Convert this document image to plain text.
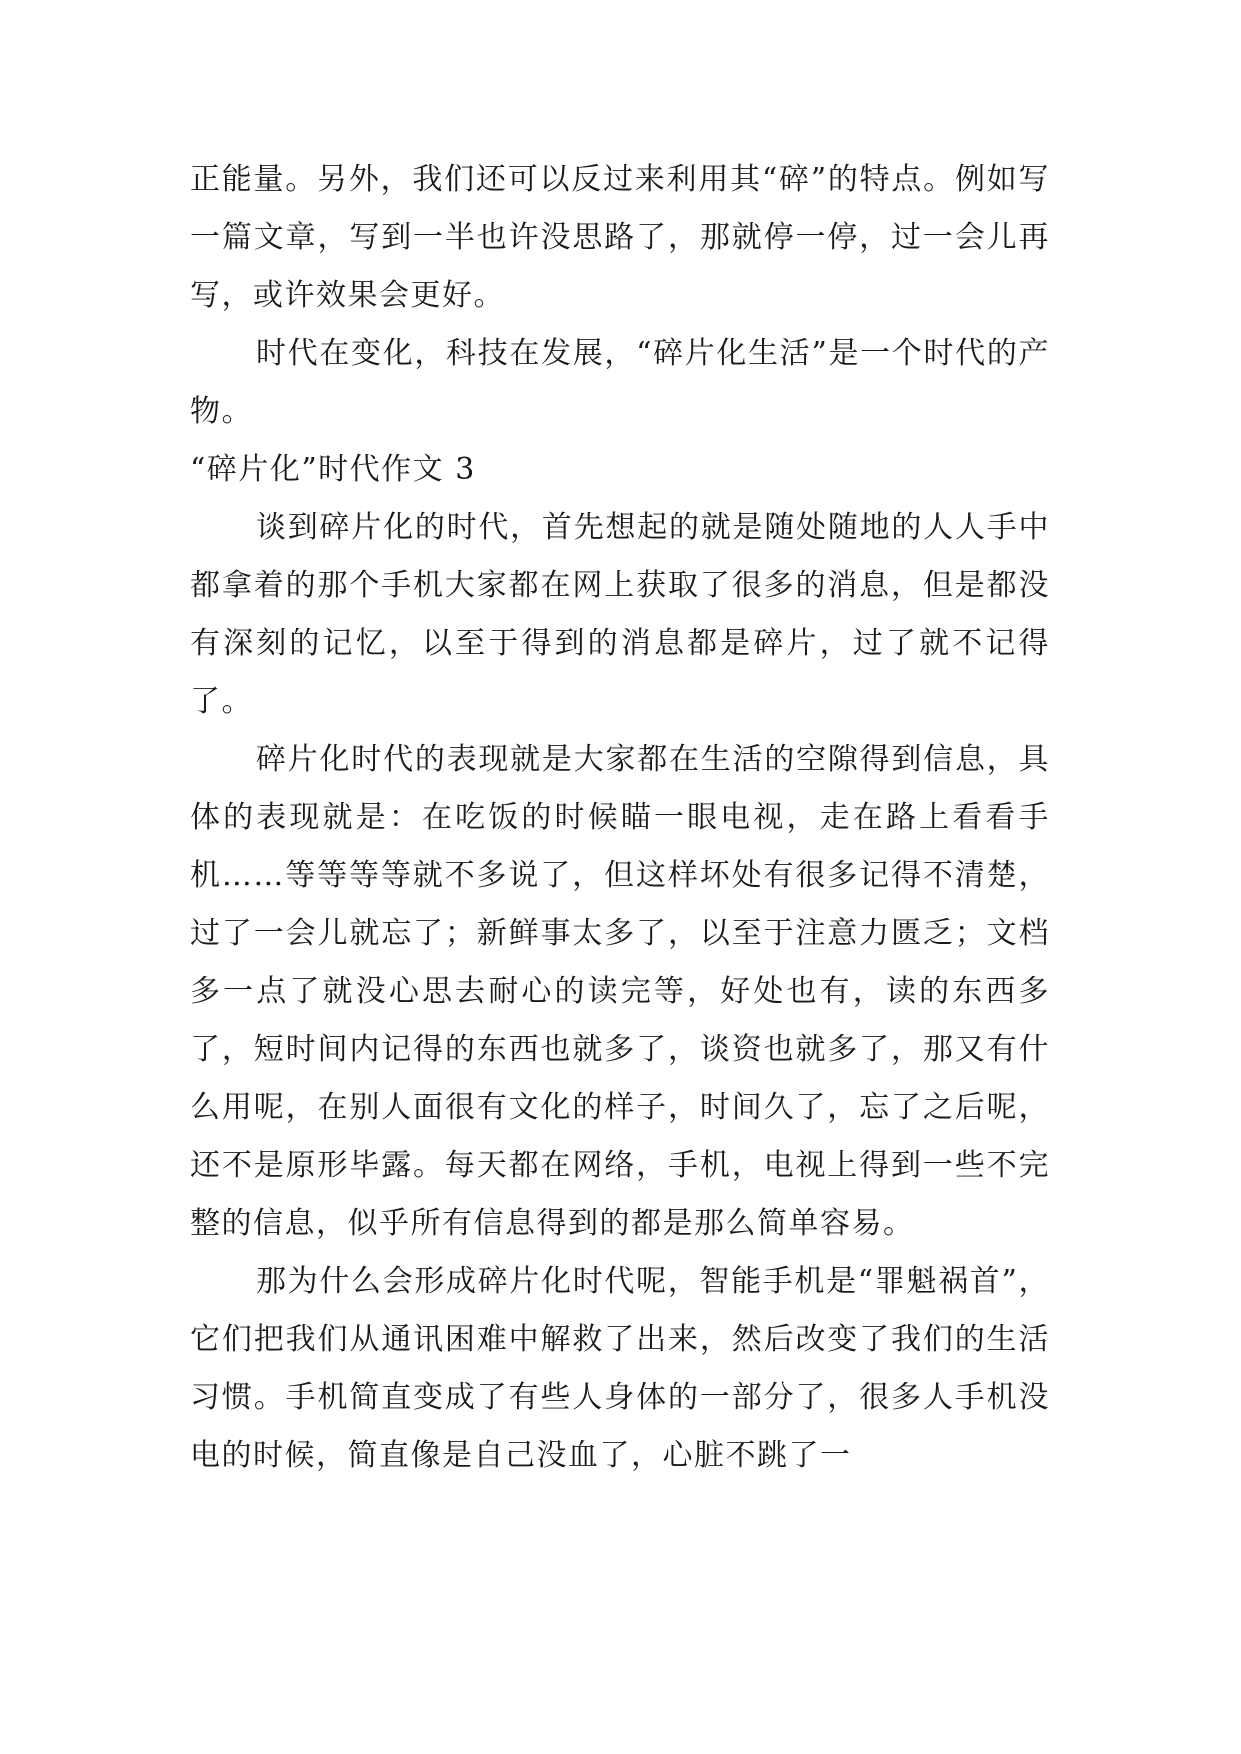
正能量。另外，我们还可以反过来利用其“碎”的特点。例如写一篇文章，写到一半也许没思路了，那就停一停，过一会儿再写，或许效果会更好。

时代在变化，科技在发展，“碎片化生活”是一个时代的产物。

“碎片化”时代作文 3

谈到碎片化的时代，首先想起的就是随处随地的人人手中都拿着的那个手机大家都在网上获取了很多的消息，但是都没有深刻的记忆，以至于得到的消息都是碎片，过了就不记得了。

碎片化时代的表现就是大家都在生活的空隙得到信息，具体的表现就是：在吃饭的时候瞄一眼电视，走在路上看看手机……等等等等就不多说了，但这样坏处有很多记得不清楚，过了一会儿就忘了；新鲜事太多了，以至于注意力匮乏；文档多一点了就没心思去耐心的读完等，好处也有，读的东西多了，短时间内记得的东西也就多了，谈资也就多了，那又有什么用呢，在别人面很有文化的样子，时间久了，忘了之后呢，还不是原形毕露。每天都在网络，手机，电视上得到一些不完整的信息，似乎所有信息得到的都是那么简单容易。

那为什么会形成碎片化时代呢，智能手机是“罪魁祸首”，它们把我们从通讯困难中解救了出来，然后改变了我们的生活习惯。手机简直变成了有些人身体的一部分了，很多人手机没电的时候，简直像是自己没血了，心脏不跳了一
